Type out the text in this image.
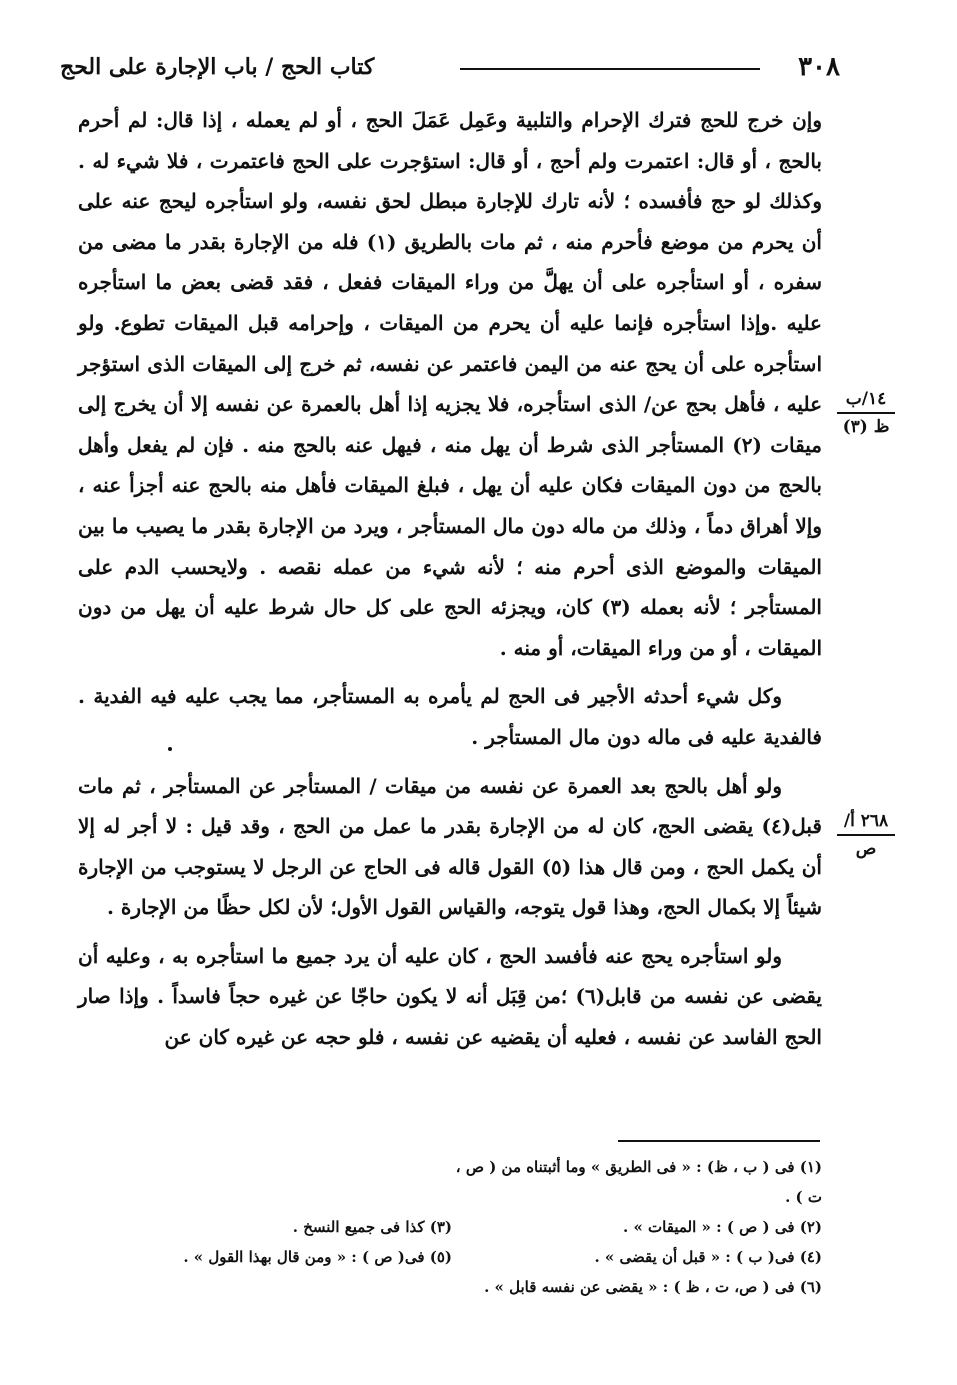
٣٠٨
كتاب الحج / باب الإجارة على الحج

وإن خرج للحج فترك الإحرام والتلبية وعَمِل عَمَلَ الحج ، أو لم يعمله ، إذا قال: لم أحرم بالحج ، أو قال: اعتمرت ولم أحج ، أو قال: استؤجرت على الحج فاعتمرت ، فلا شيء له . وكذلك لو حج فأفسده ؛ لأنه تارك للإجارة مبطل لحق نفسه، ولو استأجره ليحج عنه على أن يحرم من موضع فأحرم منه ، ثم مات بالطريق (١) فله من الإجارة بقدر ما مضى من سفره ، أو استأجره على أن يهلَّ من وراء الميقات ففعل ، فقد قضى بعض ما استأجره عليه .وإذا استأجره فإنما عليه أن يحرم من الميقات ، وإحرامه قبل الميقات تطوع. ولو استأجره على أن يحج عنه من اليمن فاعتمر عن نفسه، ثم خرج إلى الميقات الذى استؤجر عليه ، فأهل بحج عن/ الذى استأجره، فلا يجزيه إذا أهل بالعمرة عن نفسه إلا أن يخرج إلى ميقات (٢) المستأجر الذى شرط أن يهل منه ، فيهل عنه بالحج منه . فإن لم يفعل وأهل بالحج من دون الميقات فكان عليه أن يهل ، فبلغ الميقات فأهل منه بالحج عنه أجزأ عنه ، وإلا أهراق دماً ، وذلك من ماله دون مال المستأجر ، ويرد من الإجارة بقدر ما يصيب ما بين الميقات والموضع الذى أحرم منه ؛ لأنه شيء من عمله نقصه . ولايحسب الدم على المستأجر ؛ لأنه بعمله (٣) كان، ويجزئه الحج على كل حال شرط عليه أن يهل من دون الميقات ، أو من وراء الميقات، أو منه .

وكل شيء أحدثه الأجير فى الحج لم يأمره به المستأجر، مما يجب عليه فيه الفدية . فالفدية عليه فى ماله دون مال المستأجر .

ولو أهل بالحج بعد العمرة عن نفسه من ميقات / المستأجر عن المستأجر ، ثم مات قبل(٤) يقضى الحج، كان له من الإجارة بقدر ما عمل من الحج ، وقد قيل : لا أجر له إلا أن يكمل الحج ، ومن قال هذا (٥) القول قاله فى الحاج عن الرجل لا يستوجب من الإجارة شيئاً إلا بكمال الحج، وهذا قول يتوجه، والقياس القول الأول؛ لأن لكل حظًا من الإجارة .

ولو استأجره يحج عنه فأفسد الحج ، كان عليه أن يرد جميع ما استأجره به ، وعليه أن يقضى عن نفسه من قابل(٦) ؛من قِبَل أنه لا يكون حاجّا عن غيره حجاً فاسداً . وإذا صار الحج الفاسد عن نفسه ، فعليه أن يقضيه عن نفسه ، فلو حجه عن غيره كان عن

١٤/ب
ظ (٣)
٢٦٨ أ/
ص
(١) فى ( ب ، ظ) : « فى الطريق » وما أثبتناه من ( ص ، ت ) .
(٢) فى ( ص ) : « الميقات » .
(٣) كذا فى جميع النسخ .
(٤) فى( ب ) : « قبل أن يقضى » .
(٥) فى( ص ) : « ومن قال بهذا القول » .
(٦) فى ( ص، ت ، ظ ) : « يقضى عن نفسه قابل » .
